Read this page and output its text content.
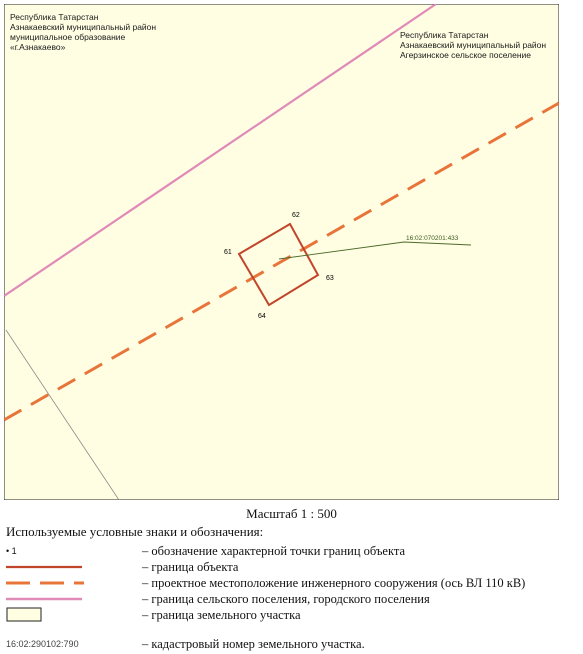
61
62
63
64
16:02:070201:433
Республика Татарстан
Азнакаевский муниципальный район
муниципальное образование
«г.Азнакаево»
Республика Татарстан
Азнакаевский муниципальный район
Агерзинское сельское поселение
Масштаб 1 : 500
Используемые условные знаки и обозначения:
• 1	– обозначение характерной точки границ объекта
– граница объекта
– проектное местоположение инженерного сооружения (ось ВЛ 110 кВ)
– граница сельского поселения, городского поселения
– граница земельного участка
16:02:290102:790	– кадастровый номер земельного участка.
